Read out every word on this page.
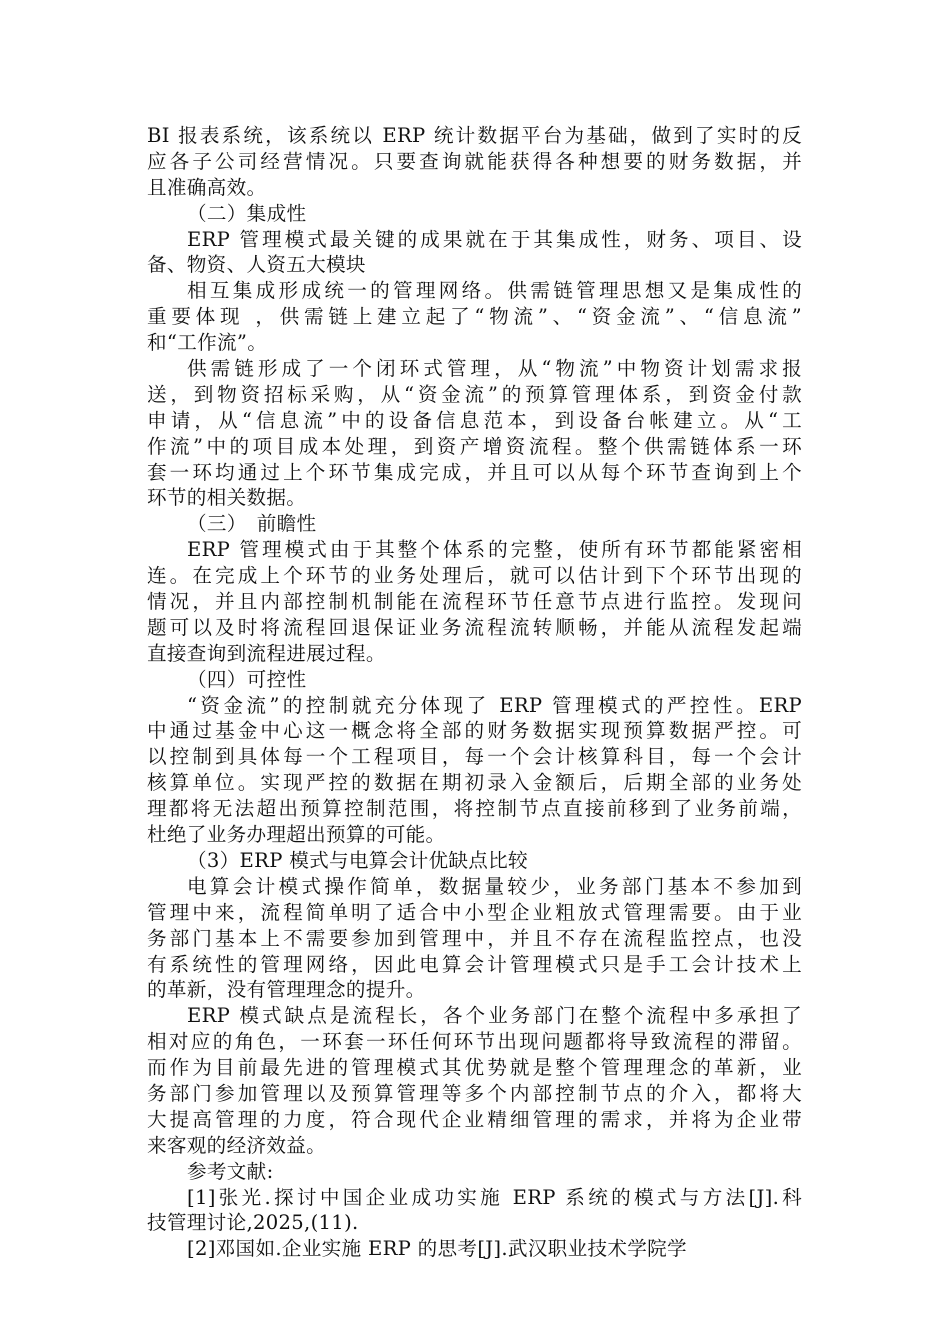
BI 报表系统，该系统以 ERP 统计数据平台为基础，做到了实时的反
应各子公司经营情况。只要查询就能获得各种想要的财务数据，并
且准确高效。
（二）集成性
ERP 管理模式最关键的成果就在于其集成性，财务、项目、设
备、物资、人资五大模块
相互集成形成统一的管理网络。供需链管理思想又是集成性的
重要体现 ，供需链上建立起了“物流”、“资金流”、“信息流”
和“工作流”。
供需链形成了一个闭环式管理，从“物流”中物资计划需求报
送，到物资招标采购，从“资金流”的预算管理体系，到资金付款
申请，从“信息流”中的设备信息范本，到设备台帐建立。从“工
作流”中的项目成本处理，到资产增资流程。整个供需链体系一环
套一环均通过上个环节集成完成，并且可以从每个环节查询到上个
环节的相关数据。
（三）　前瞻性
ERP 管理模式由于其整个体系的完整，使所有环节都能紧密相
连。在完成上个环节的业务处理后，就可以估计到下个环节出现的
情况，并且内部控制机制能在流程环节任意节点进行监控。发现问
题可以及时将流程回退保证业务流程流转顺畅，并能从流程发起端
直接查询到流程进展过程。
（四）可控性
“资金流”的控制就充分体现了 ERP 管理模式的严控性。ERP
中通过基金中心这一概念将全部的财务数据实现预算数据严控。可
以控制到具体每一个工程项目，每一个会计核算科目，每一个会计
核算单位。实现严控的数据在期初录入金额后，后期全部的业务处
理都将无法超出预算控制范围，将控制节点直接前移到了业务前端，
杜绝了业务办理超出预算的可能。
（3）ERP 模式与电算会计优缺点比较
电算会计模式操作简单，数据量较少，业务部门基本不参加到
管理中来，流程简单明了适合中小型企业粗放式管理需要。由于业
务部门基本上不需要参加到管理中，并且不存在流程监控点，也没
有系统性的管理网络，因此电算会计管理模式只是手工会计技术上
的革新，没有管理理念的提升。
ERP 模式缺点是流程长，各个业务部门在整个流程中多承担了
相对应的角色，一环套一环任何环节出现问题都将导致流程的滞留。
而作为目前最先进的管理模式其优势就是整个管理理念的革新，业
务部门参加管理以及预算管理等多个内部控制节点的介入，都将大
大提高管理的力度，符合现代企业精细管理的需求，并将为企业带
来客观的经济效益。
参考文献:
[1]张光.探讨中国企业成功实施 ERP 系统的模式与方法[J].科
技管理讨论,2025,(11).
[2]邓国如.企业实施 ERP 的思考[J].武汉职业技术学院学
